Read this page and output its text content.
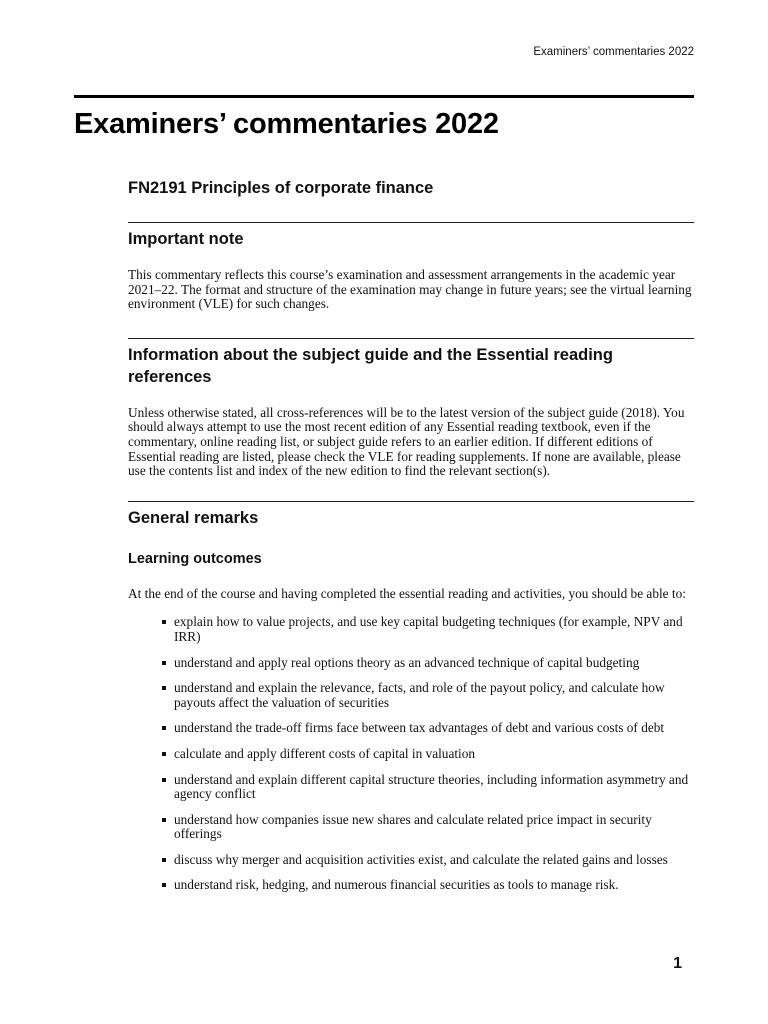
Examiners’ commentaries 2022
Examiners’ commentaries 2022
FN2191 Principles of corporate finance
Important note

This commentary reflects this course’s examination and assessment arrangements in the academic year 2021–22. The format and structure of the examination may change in future years; see the virtual learning environment (VLE) for such changes.

Information about the subject guide and the Essential reading references

Unless otherwise stated, all cross-references will be to the latest version of the subject guide (2018). You should always attempt to use the most recent edition of any Essential reading textbook, even if the commentary, online reading list, or subject guide refers to an earlier edition. If different editions of Essential reading are listed, please check the VLE for reading supplements. If none are available, please use the contents list and index of the new edition to find the relevant section(s).

General remarks
Learning outcomes

At the end of the course and having completed the essential reading and activities, you should be able to:

explain how to value projects, and use key capital budgeting techniques (for example, NPV and IRR)
understand and apply real options theory as an advanced technique of capital budgeting
understand and explain the relevance, facts, and role of the payout policy, and calculate how payouts affect the valuation of securities
understand the trade-off firms face between tax advantages of debt and various costs of debt
calculate and apply different costs of capital in valuation
understand and explain different capital structure theories, including information asymmetry and agency conflict
understand how companies issue new shares and calculate related price impact in security offerings
discuss why merger and acquisition activities exist, and calculate the related gains and losses
understand risk, hedging, and numerous financial securities as tools to manage risk.
1
